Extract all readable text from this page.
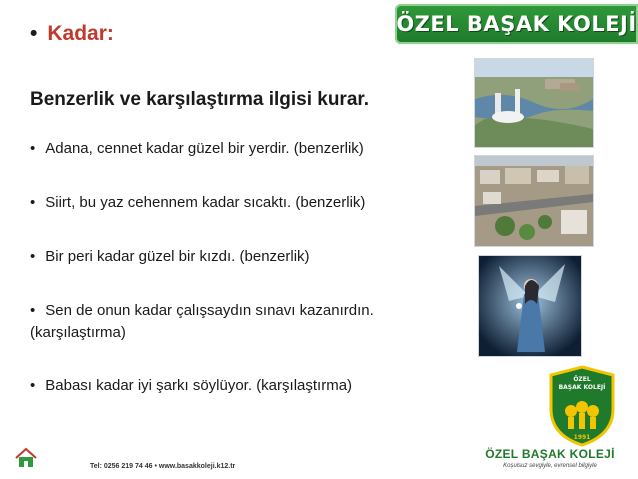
ÖZEL BAŞAK KOLEJİ
• Kadar:
Benzerlik ve karşılaştırma ilgisi kurar.
• Adana, cennet kadar güzel bir yerdir. (benzerlik)
• Siirt, bu yaz cehennem kadar sıcaktı. (benzerlik)
• Bir peri kadar güzel bir kızdı. (benzerlik)
• Sen de onun kadar çalışsaydın sınavı kazanırdın.
(karşılaştırma)
• Babası kadar iyi şarkı söylüyor. (karşılaştırma)	ÖZEL
BAŞAK KOLEJİ
1991
ÖZEL BAŞAK KOLEJİ
Koşulsuz sevgiyle, evrensel bilgiyle
Tel: 0256 219 74 46 • www.basakkoleji.k12.tr
